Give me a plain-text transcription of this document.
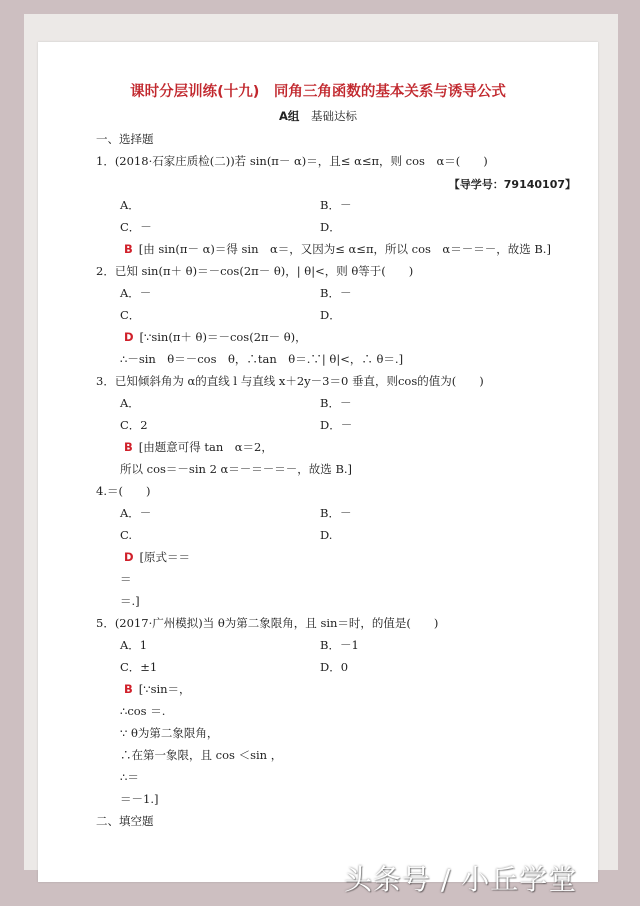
课时分层训练(十九)　同角三角函数的基本关系与诱导公式
A组 基础达标
一、选择题
1．(2018·石家庄质检(二))若 sin(π－ α)＝，且≤ α≤π，则 cos　α＝(　　)
【导学号：79140107】
A．	B．－
C．－	D．
B [由 sin(π－ α)＝得 sin　α＝，又因为≤ α≤π，所以 cos　α＝－＝－，故选 B.]
2．已知 sin(π＋ θ)＝－cos(2π－ θ)，| θ|<，则 θ等于(　　)
A．－	B．－
C．	D．
D [∵sin(π＋ θ)＝－cos(2π－ θ)，
∴－sin　θ＝－cos　θ，∴tan　θ＝.∵| θ|<，∴ θ＝.]
3．已知倾斜角为 α的直线 l 与直线 x＋2y－3＝0 垂直，则cos的值为(　　)
A．	B．－
C．2	D．－
B [由题意可得 tan　α＝2，
所以 cos＝－sin 2 α＝－＝－＝－，故选 B.]
4.＝(　　)
A．－	B．－
C.	D.
D [原式＝＝
＝
＝.]
5．(2017·广州模拟)当 θ为第二象限角，且 sin＝时，的值是(　　)
A．1	B．－1
C．±1	D．0
B [∵sin＝，
∴cos ＝.
∵ θ为第二象限角，
∴在第一象限，且 cos ＜sin ，
∴＝
＝－1.]
二、填空题
头条号 / 小丘学堂
